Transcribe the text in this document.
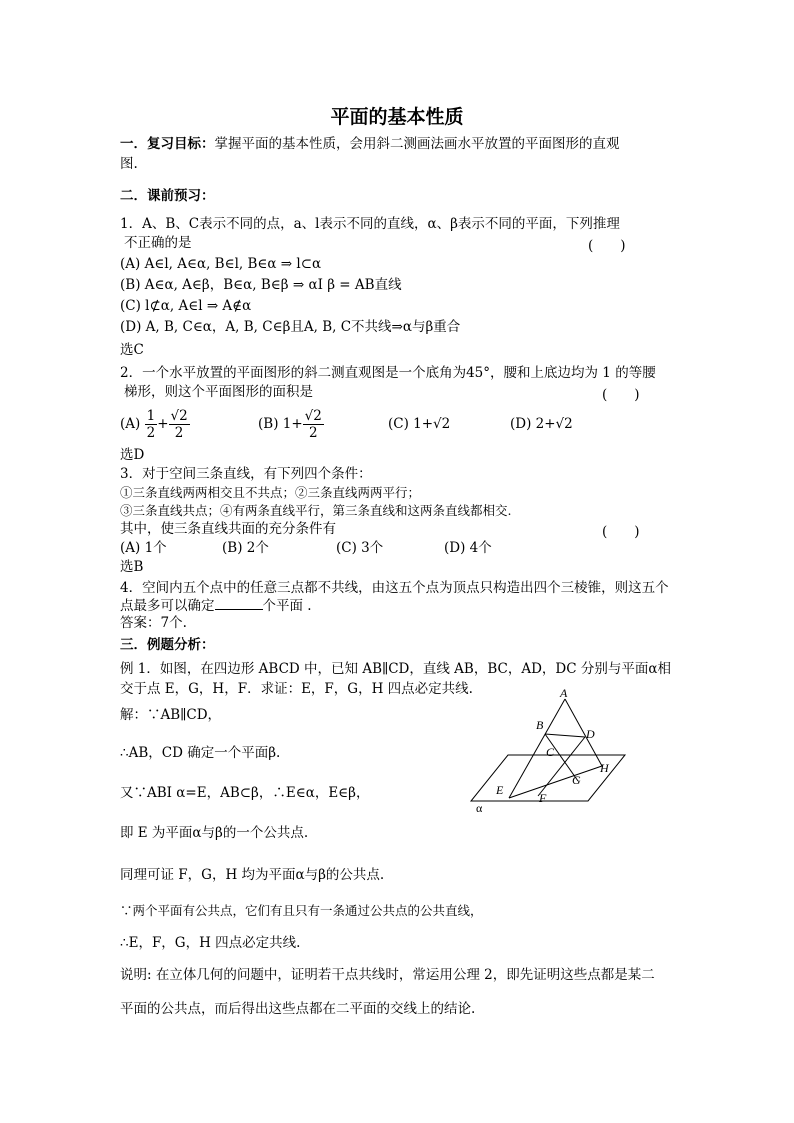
平面的基本性质
一．复习目标：掌握平面的基本性质，会用斜二测画法画水平放置的平面图形的直观
图.
二．课前预习：
1．A、B、C表示不同的点，a、l表示不同的直线，α、β表示不同的平面，下列推理
不正确的是	(　　)
(A) A∈l, A∈α, B∈l, B∈α ⇒ l⊂α
(B) A∈α, A∈β，B∈α, B∈β ⇒ αI β = AB直线
(C) l⊄α, A∈l ⇒ A∉α
(D) A, B, C∈α，A, B, C∈β且A, B, C不共线⇒α与β重合
选C
2．一个水平放置的平面图形的斜二测直观图是一个底角为45°，腰和上底边均为 1 的等腰
梯形，则这个平面图形的面积是	(　　)
(A)
$\frac{1}{2} + \frac{√2}{2}$	(B) $1+ \frac{√2}{2}$	(C) 1+√2	(D) 2+√2
选D
3．对于空间三条直线，有下列四个条件：
①三条直线两两相交且不共点；②三条直线两两平行；
③三条直线共点；④有两条直线平行，第三条直线和这两条直线都相交.
其中，使三条直线共面的充分条件有	(　　)
(A) 1个	(B) 2个	(C) 3个	(D) 4个
选B
4．空间内五个点中的任意三点都不共线，由这五个点为顶点只构造出四个三棱锥，则这五个
点最多可以确定	个平面 .
答案：7个.
三．例题分析：
例 1．如图，在四边形 ABCD 中，已知 AB∥CD，直线 AB，BC，AD，DC 分别与平面α相
交于点 E，G，H，F．求证：E，F，G，H 四点必定共线.
解：∵AB∥CD，
∴AB，CD 确定一个平面β.
又∵ABI α=E，AB⊂β，∴E∈α，E∈β，
即 E 为平面α与β的一个公共点.
同理可证 F，G，H 均为平面α与β的公共点.
∵两个平面有公共点，它们有且只有一条通过公共点的公共直线，
∴E，F，G，H 四点必定共线.
说明: 在立体几何的问题中，证明若干点共线时，常运用公理 2，即先证明这些点都是某二
平面的公共点，而后得出这些点都在二平面的交线上的结论.
A
B
C
D
G
H
E
F
α
